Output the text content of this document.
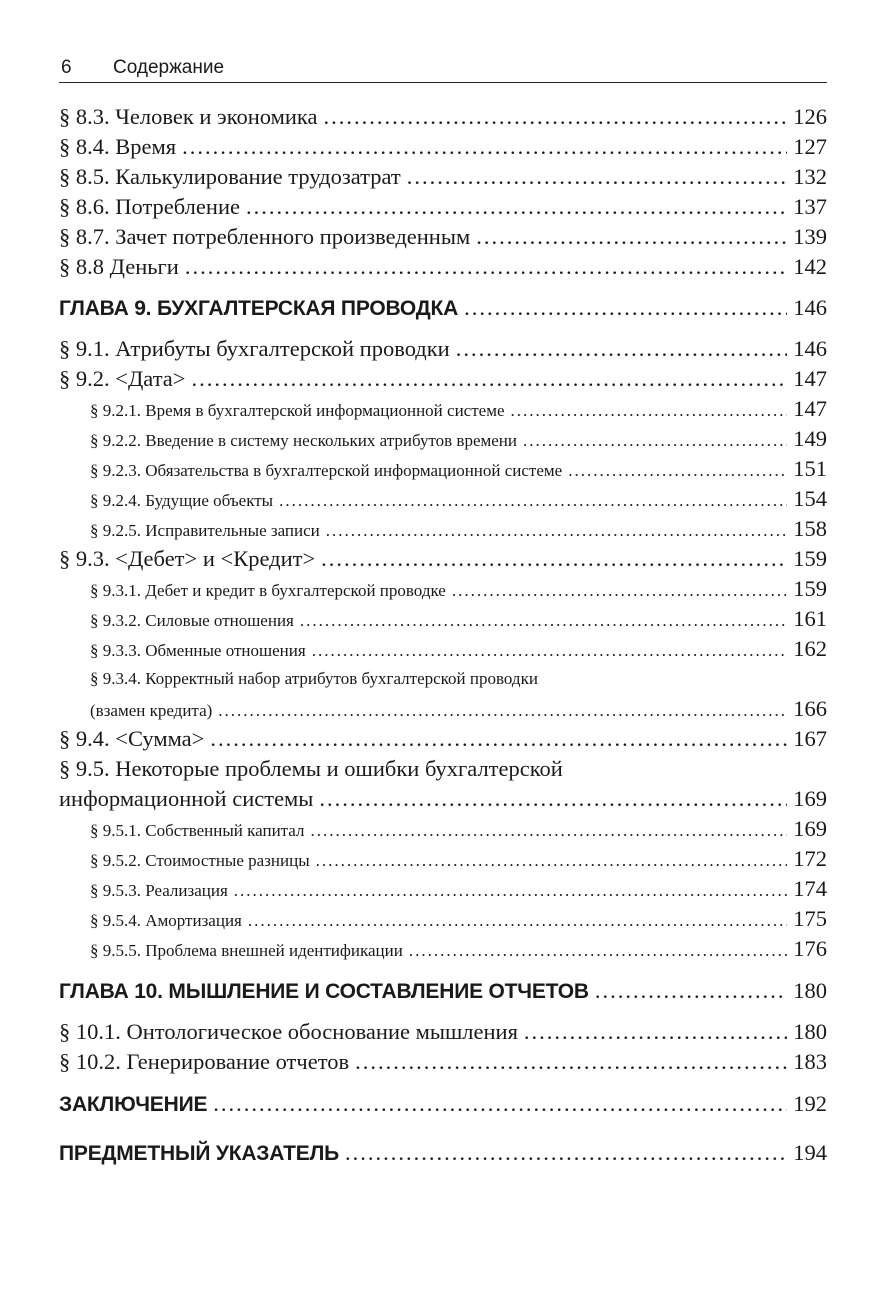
6 Содержание
§ 8.3. Человек и экономика .....	126
§ 8.4. Время .....	127
§ 8.5. Калькулирование трудозатрат .....	132
§ 8.6. Потребление .....	137
§ 8.7. Зачет потребленного произведенным .....	139
§ 8.8 Деньги .....	142
ГЛАВА 9. БУХГАЛТЕРСКАЯ ПРОВОДКА .....	146
§ 9.1. Атрибуты бухгалтерской проводки .....	146
§ 9.2. <Дата> .....	147
§ 9.2.1. Время в бухгалтерской информационной системе .....	147
§ 9.2.2. Введение в систему нескольких атрибутов времени .....	149
§ 9.2.3. Обязательства в бухгалтерской информационной системе .....	151
§ 9.2.4. Будущие объекты .....	154
§ 9.2.5. Исправительные записи .....	158
§ 9.3. <Дебет> и <Кредит> .....	159
§ 9.3.1. Дебет и кредит в бухгалтерской проводке .....	159
§ 9.3.2. Силовые отношения .....	161
§ 9.3.3. Обменные отношения .....	162
§ 9.3.4. Корректный набор атрибутов бухгалтерской проводки
(взамен кредита) .....	166
§ 9.4. <Сумма> .....	167
§ 9.5. Некоторые проблемы и ошибки бухгалтерской
информационной системы .....	169
§ 9.5.1. Собственный капитал .....	169
§ 9.5.2. Стоимостные разницы .....	172
§ 9.5.3. Реализация .....	174
§ 9.5.4. Амортизация .....	175
§ 9.5.5. Проблема внешней идентификации .....	176
ГЛАВА 10. МЫШЛЕНИЕ И СОСТАВЛЕНИЕ ОТЧЕТОВ .....	180
§ 10.1. Онтологическое обоснование мышления .....	180
§ 10.2. Генерирование отчетов .....	183
ЗАКЛЮЧЕНИЕ .....	192
ПРЕДМЕТНЫЙ УКАЗАТЕЛЬ .....	194
